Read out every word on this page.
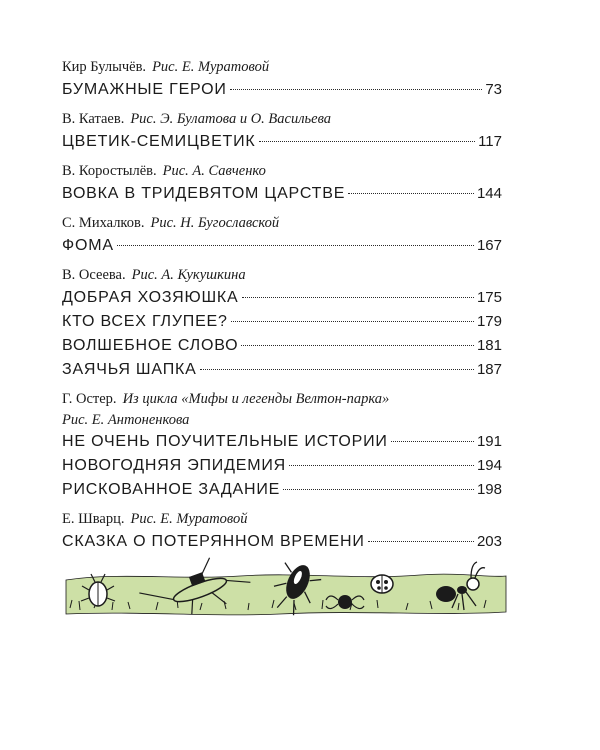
Кир Булычёв. Рис. Е. Муратовой
БУМАЖНЫЕ ГЕРОИ	73
В. Катаев. Рис. Э. Булатова и О. Васильева
ЦВЕТИК-СЕМИЦВЕТИК	117
В. Коростылёв. Рис. А. Савченко
ВОВКА В ТРИДЕВЯТОМ ЦАРСТВЕ	144
С. Михалков. Рис. Н. Бугославской
ФОМА	167
В. Осеева. Рис. А. Кукушкина
ДОБРАЯ ХОЗЯЮШКА	175
КТО ВСЕХ ГЛУПЕЕ?	179
ВОЛШЕБНОЕ СЛОВО	181
ЗАЯЧЬЯ ШАПКА	187
Г. Остер. Из цикла «Мифы и легенды Велтон-парка»
Рис. Е. Антоненкова
НЕ ОЧЕНЬ ПОУЧИТЕЛЬНЫЕ ИСТОРИИ	191
НОВОГОДНЯЯ ЭПИДЕМИЯ	194
РИСКОВАННОЕ ЗАДАНИЕ	198
Е. Шварц. Рис. Е. Муратовой
СКАЗКА О ПОТЕРЯННОМ ВРЕМЕНИ	203
